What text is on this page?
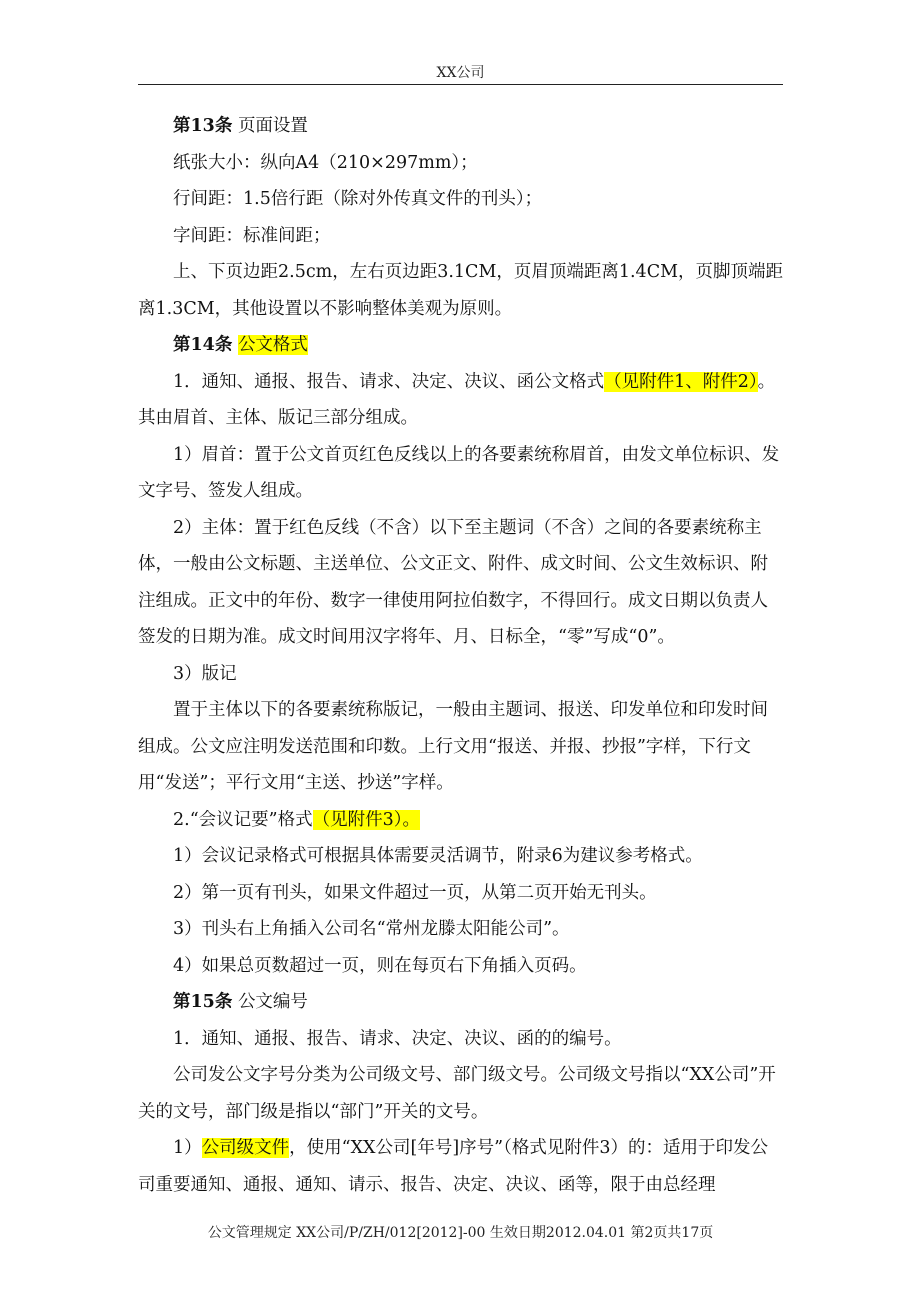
XX公司

第13条 页面设置

纸张大小：纵向A4（210×297mm）；

行间距：1.5倍行距（除对外传真文件的刊头）；

字间距：标准间距；

上、下页边距2.5cm，左右页边距3.1CM，页眉顶端距离1.4CM，页脚顶端距离1.3CM，其他设置以不影响整体美观为原则。

第14条 公文格式

1．通知、通报、报告、请求、决定、决议、函公文格式（见附件1、附件2）。其由眉首、主体、版记三部分组成。

1）眉首：置于公文首页红色反线以上的各要素统称眉首，由发文单位标识、发文字号、签发人组成。

2）主体：置于红色反线（不含）以下至主题词（不含）之间的各要素统称主体，一般由公文标题、主送单位、公文正文、附件、成文时间、公文生效标识、附注组成。正文中的年份、数字一律使用阿拉伯数字，不得回行。成文日期以负责人签发的日期为准。成文时间用汉字将年、月、日标全，“零”写成“0”。

3）版记

置于主体以下的各要素统称版记，一般由主题词、报送、印发单位和印发时间组成。公文应注明发送范围和印数。上行文用“报送、并报、抄报”字样，下行文用“发送”；平行文用“主送、抄送”字样。

2.“会议记要”格式（见附件3）。

1）会议记录格式可根据具体需要灵活调节，附录6为建议参考格式。

2）第一页有刊头，如果文件超过一页，从第二页开始无刊头。

3）刊头右上角插入公司名“常州龙滕太阳能公司”。

4）如果总页数超过一页，则在每页右下角插入页码。

第15条 公文编号

1．通知、通报、报告、请求、决定、决议、函的的编号。

公司发公文字号分类为公司级文号、部门级文号。公司级文号指以“XX公司”开关的文号，部门级是指以“部门”开关的文号。

1）公司级文件，使用“XX公司[年号]序号”（格式见附件3）的：适用于印发公司重要通知、通报、通知、请示、报告、决定、决议、函等，限于由总经理

公文管理规定 XX公司/P/ZH/012[2012]-00 生效日期2012.04.01 第2页共17页
